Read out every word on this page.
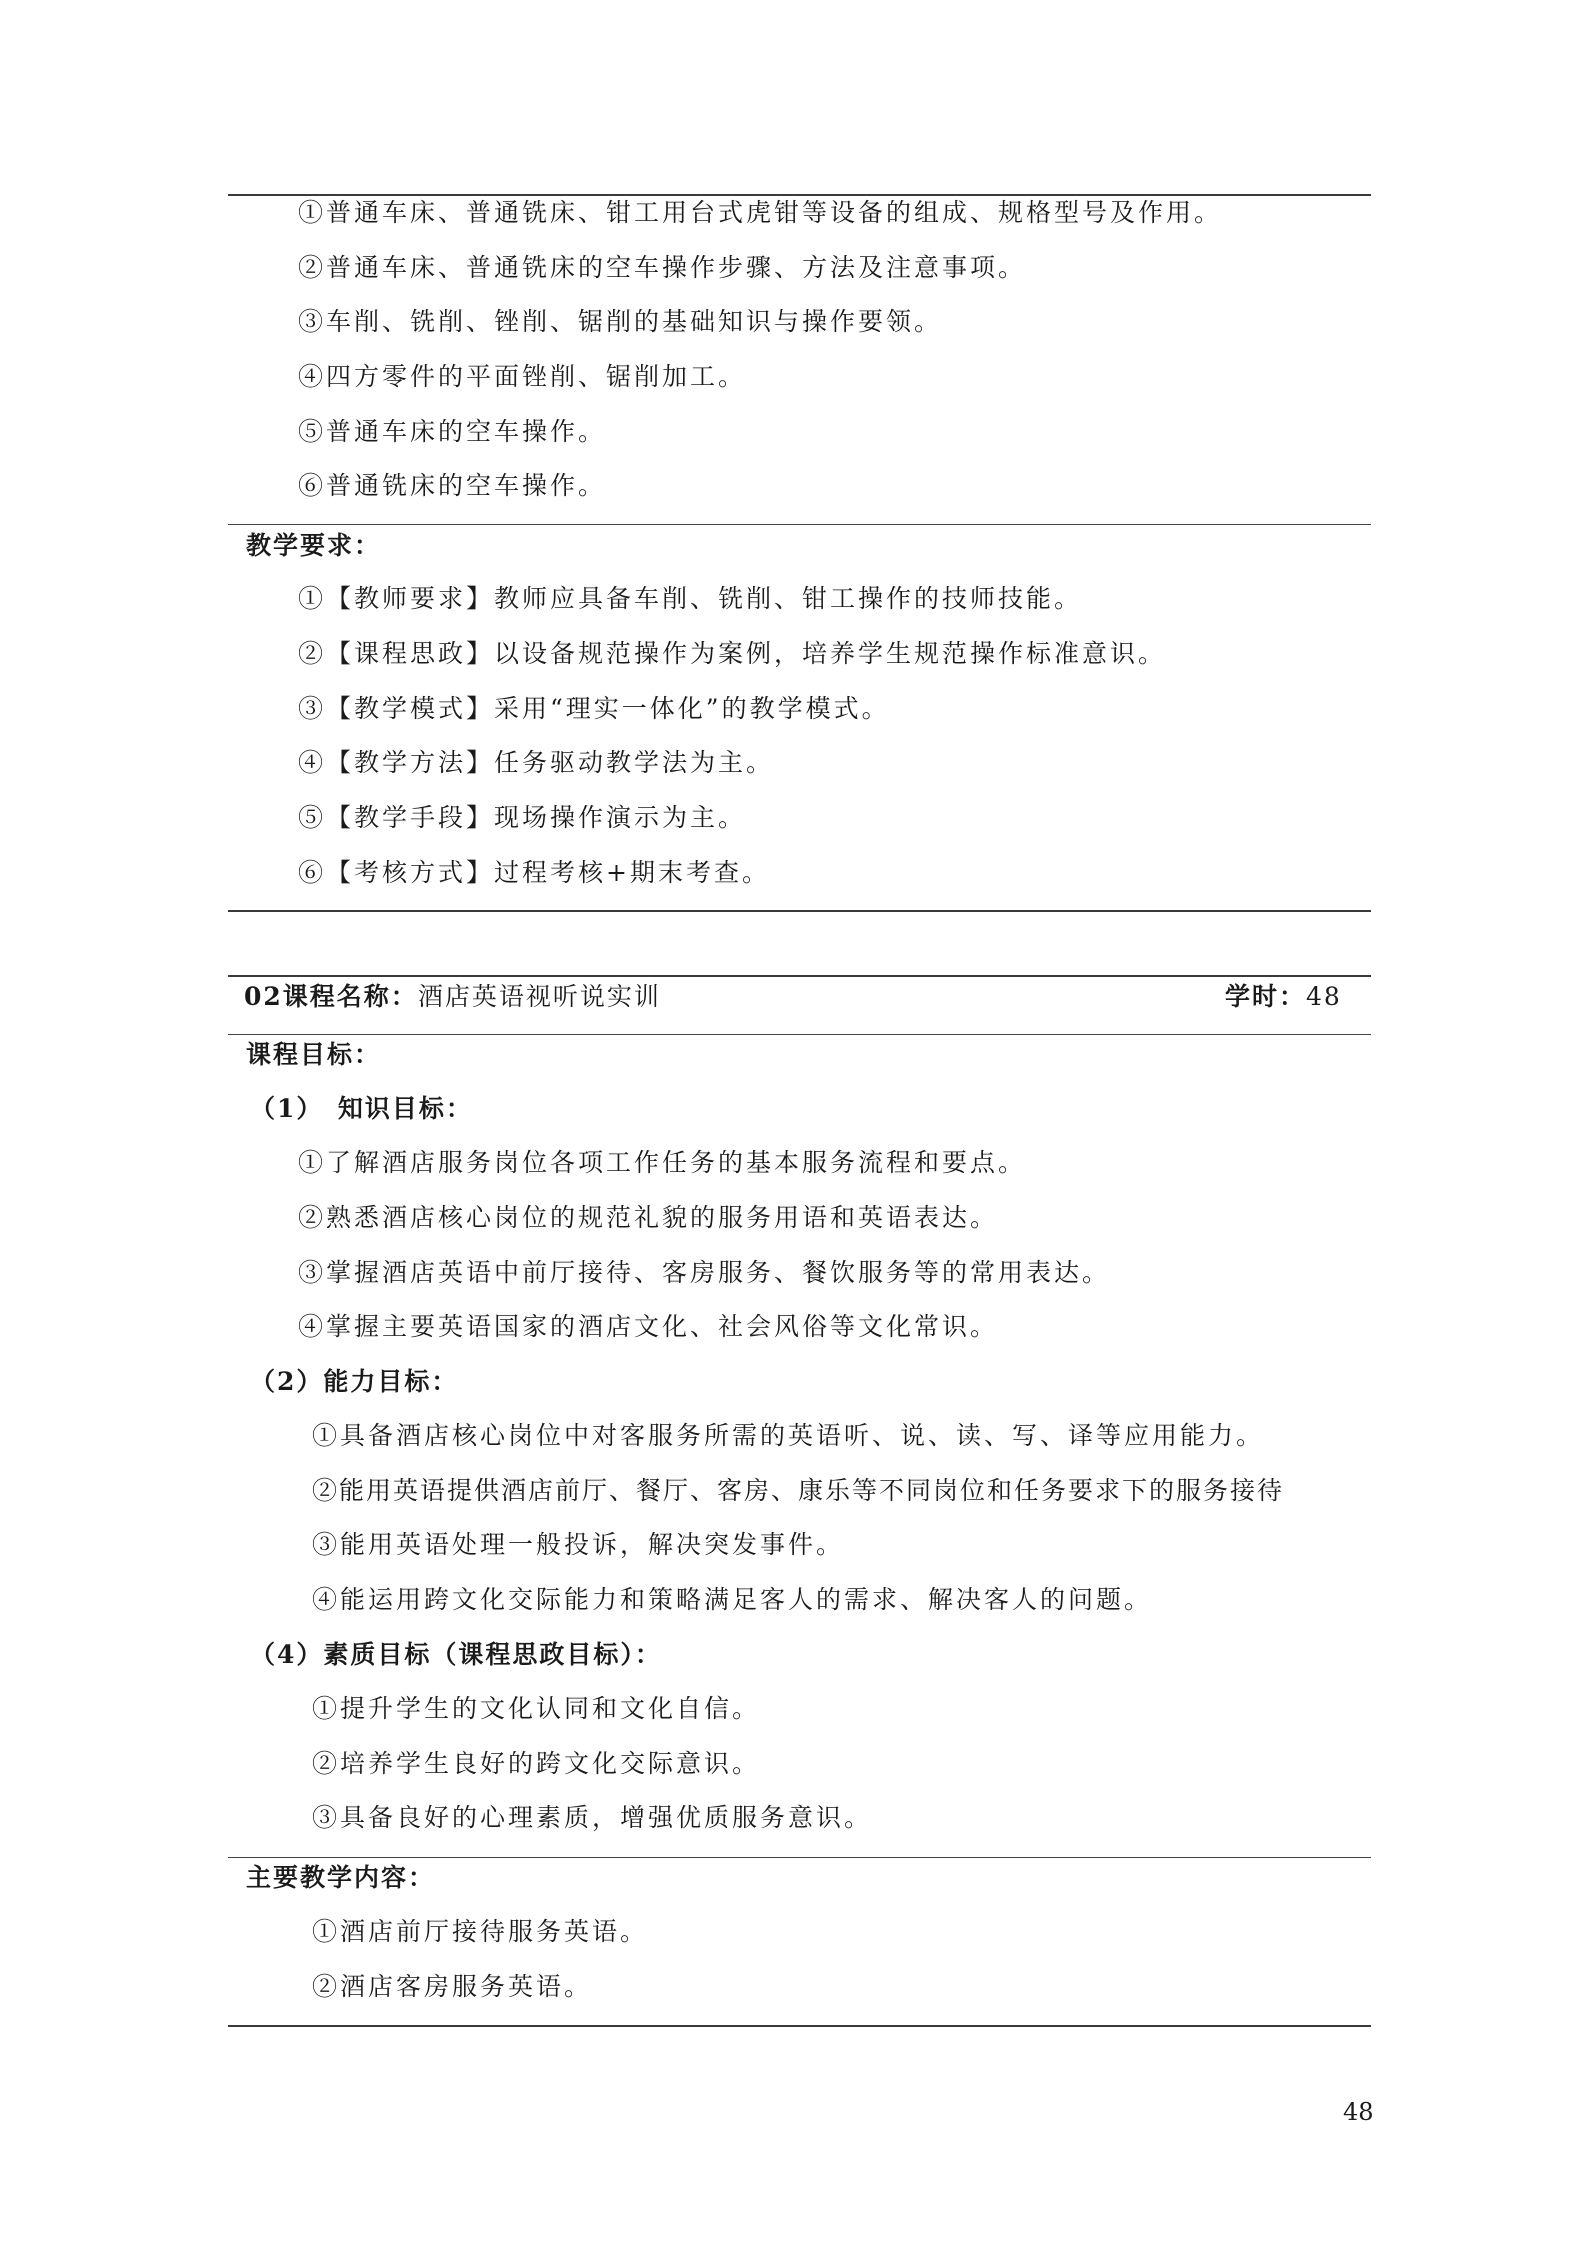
①普通车床、普通铣床、钳工用台式虎钳等设备的组成、规格型号及作用。
②普通车床、普通铣床的空车操作步骤、方法及注意事项。
③车削、铣削、锉削、锯削的基础知识与操作要领。
④四方零件的平面锉削、锯削加工。
⑤普通车床的空车操作。
⑥普通铣床的空车操作。
教学要求：
①【教师要求】教师应具备车削、铣削、钳工操作的技师技能。
②【课程思政】以设备规范操作为案例，培养学生规范操作标准意识。
③【教学模式】采用“理实一体化”的教学模式。
④【教学方法】任务驱动教学法为主。
⑤【教学手段】现场操作演示为主。
⑥【考核方式】过程考核+期末考查。
02课程名称：酒店英语视听说实训	学时：48
课程目标：
（1）　知识目标：
①了解酒店服务岗位各项工作任务的基本服务流程和要点。
②熟悉酒店核心岗位的规范礼貌的服务用语和英语表达。
③掌握酒店英语中前厅接待、客房服务、餐饮服务等的常用表达。
④掌握主要英语国家的酒店文化、社会风俗等文化常识。
（2）能力目标：
①具备酒店核心岗位中对客服务所需的英语听、说、读、写、译等应用能力。
②能用英语提供酒店前厅、餐厅、客房、康乐等不同岗位和任务要求下的服务接待
③能用英语处理一般投诉，解决突发事件。
④能运用跨文化交际能力和策略满足客人的需求、解决客人的问题。
（4）素质目标（课程思政目标）：
①提升学生的文化认同和文化自信。
②培养学生良好的跨文化交际意识。
③具备良好的心理素质，增强优质服务意识。
主要教学内容：
①酒店前厅接待服务英语。
②酒店客房服务英语。
48
